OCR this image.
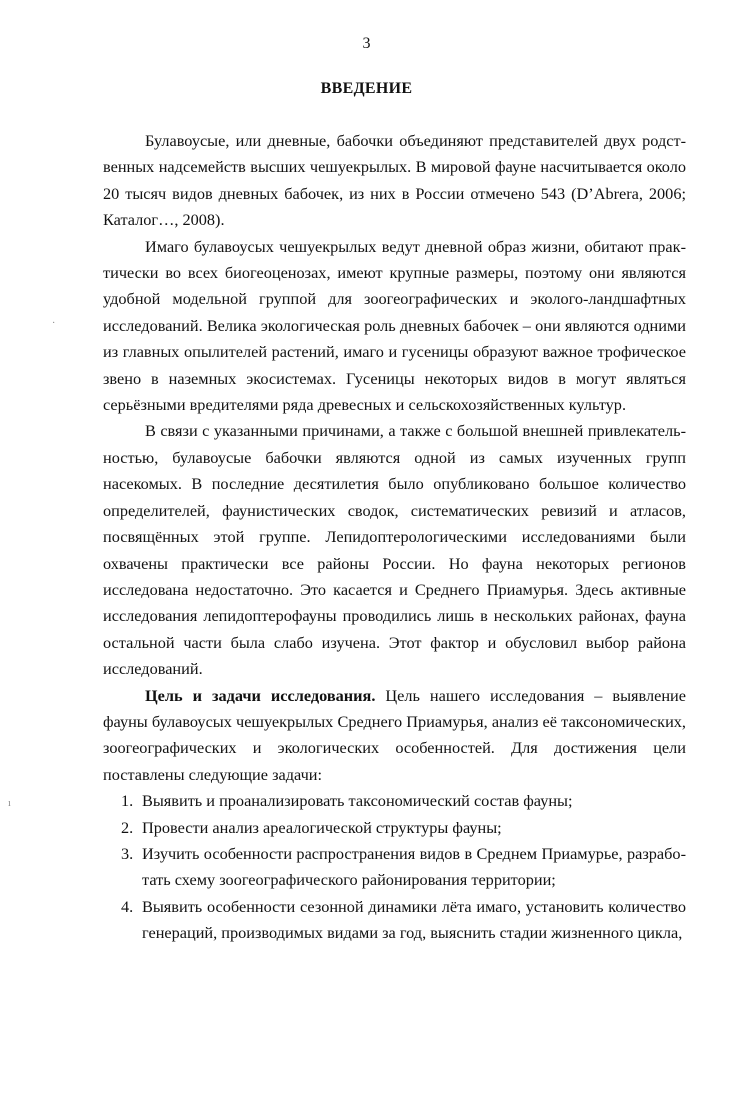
3
ВВЕДЕНИЕ

Булавоусые, или дневные, бабочки объединяют представителей двух родственных надсемейств высших чешуекрылых. В мировой фауне насчитывается около 20 тысяч видов дневных бабочек, из них в России отмечено 543 (D’Abrera, 2006; Каталог…, 2008).

Имаго булавоусых чешуекрылых ведут дневной образ жизни, обитают практически во всех биогеоценозах, имеют крупные размеры, поэтому они являются удобной модельной группой для зоогеографических и эколого-ландшафтных исследований. Велика экологическая роль дневных бабочек – они являются одними из главных опылителей растений, имаго и гусеницы образуют важное трофическое звено в наземных экосистемах. Гусеницы некоторых видов в могут являться серьёзными вредителями ряда древесных и сельскохозяйственных культур.

В связи с указанными причинами, а также с большой внешней привлекательностью, булавоусые бабочки являются одной из самых изученных групп насекомых. В последние десятилетия было опубликовано большое количество определителей, фаунистических сводок, систематических ревизий и атласов, посвящённых этой группе. Лепидоптерологическими исследованиями были охвачены практически все районы России. Но фауна некоторых регионов исследована недостаточно. Это касается и Среднего Приамурья. Здесь активные исследования лепидоптерофауны проводились лишь в нескольких районах, фауна остальной части была слабо изучена. Этот фактор и обусловил выбор района исследований.

Цель и задачи исследования. Цель нашего исследования – выявление фауны булавоусых чешуекрылых Среднего Приамурья, анализ её таксономических, зоогеографических и экологических особенностей. Для достижения цели поставлены следующие задачи:

1. Выявить и проанализировать таксономический состав фауны;
2. Провести анализ ареалогической структуры фауны;
3. Изучить особенности распространения видов в Среднем Приамурье, разработать схему зоогеографического районирования территории;
4. Выявить особенности сезонной динамики лёта имаго, установить количество генераций, производимых видами за год, выяснить стадии жизненного цикла,
·
ı
